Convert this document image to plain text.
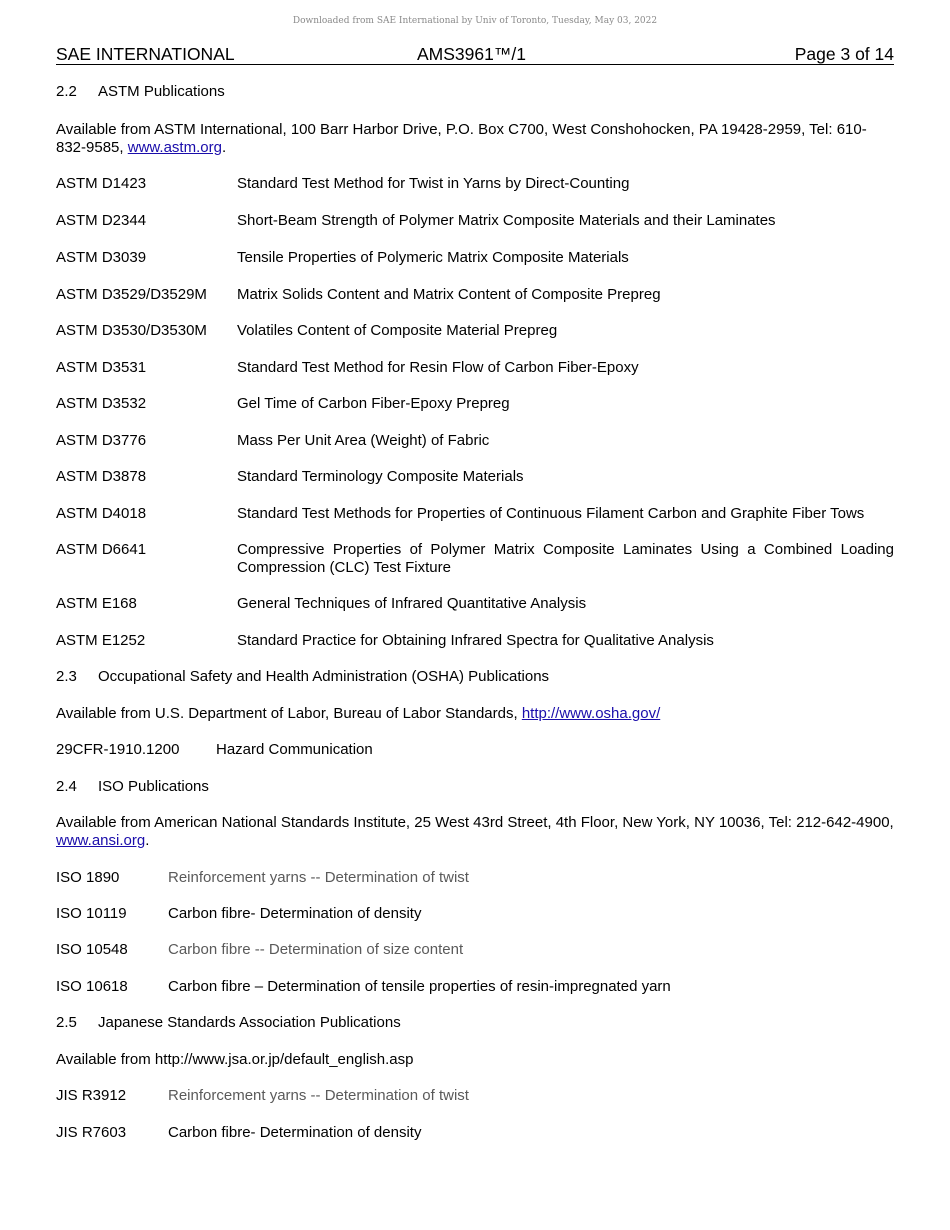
Downloaded from SAE International by Univ of Toronto, Tuesday, May 03, 2022
SAE INTERNATIONAL	AMS3961™/1	Page 3 of 14
2.2 ASTM Publications
Available from ASTM International, 100 Barr Harbor Drive, P.O. Box C700, West Conshohocken, PA 19428-2959, Tel: 610-832-9585, www.astm.org.
ASTM D1423	Standard Test Method for Twist in Yarns by Direct-Counting
ASTM D2344	Short-Beam Strength of Polymer Matrix Composite Materials and their Laminates
ASTM D3039	Tensile Properties of Polymeric Matrix Composite Materials
ASTM D3529/D3529M Matrix Solids Content and Matrix Content of Composite Prepreg
ASTM D3530/D3530M Volatiles Content of Composite Material Prepreg
ASTM D3531	Standard Test Method for Resin Flow of Carbon Fiber-Epoxy
ASTM D3532	Gel Time of Carbon Fiber-Epoxy Prepreg
ASTM D3776	Mass Per Unit Area (Weight) of Fabric
ASTM D3878	Standard Terminology Composite Materials
ASTM D4018	Standard Test Methods for Properties of Continuous Filament Carbon and Graphite Fiber Tows
ASTM D6641	Compressive Properties of Polymer Matrix Composite Laminates Using a Combined Loading Compression (CLC) Test Fixture
ASTM E168	General Techniques of Infrared Quantitative Analysis
ASTM E1252	Standard Practice for Obtaining Infrared Spectra for Qualitative Analysis
2.3 Occupational Safety and Health Administration (OSHA) Publications
Available from U.S. Department of Labor, Bureau of Labor Standards, http://www.osha.gov/
29CFR-1910.1200 Hazard Communication
2.4 ISO Publications
Available from American National Standards Institute, 25 West 43rd Street, 4th Floor, New York, NY 10036, Tel: 212-642-4900, www.ansi.org.
ISO 1890	Reinforcement yarns -- Determination of twist
ISO 10119	Carbon fibre- Determination of density
ISO 10548	Carbon fibre -- Determination of size content
ISO 10618	Carbon fibre – Determination of tensile properties of resin-impregnated yarn
2.5 Japanese Standards Association Publications
Available from http://www.jsa.or.jp/default_english.asp
JIS R3912	Reinforcement yarns -- Determination of twist
JIS R7603	Carbon fibre- Determination of density
